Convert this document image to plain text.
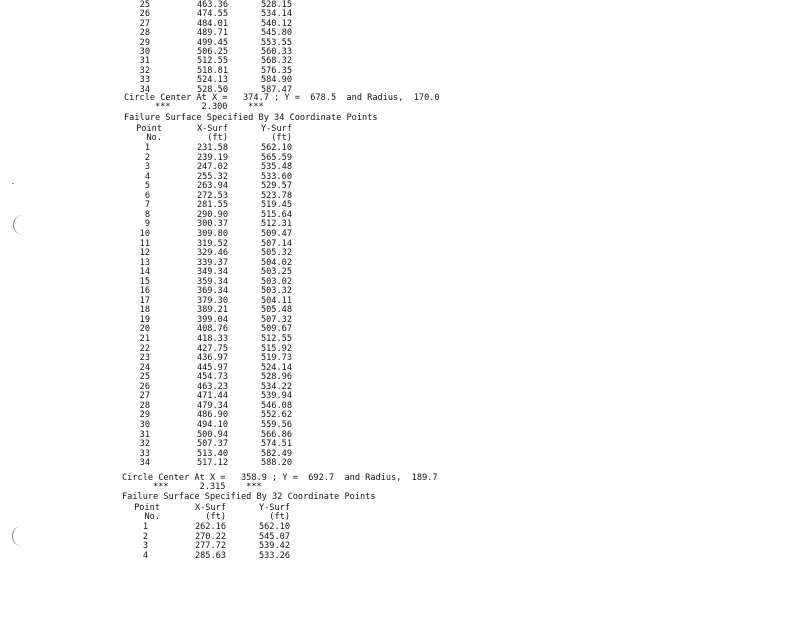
25	463.36	528.15
26	474.55	534.14
27	484.01	540.12
28	489.71	545.80
29	499.45	553.55
30	506.25	560.33
31	512.55	568.32
32	518.81	576.35
33	524.13	584.90
34	528.50	587.47
Circle Center At X =   374.7 ; Y =  678.5  and Radius,  170.0
***      2.300    ***
Failure Surface Specified By 34 Coordinate Points
Point	X-Surf	Y-Surf
No.	(ft)	(ft)
1	231.58	562.10
2	239.19	565.59
3	247.02	535.48
4	255.32	533.60
5	263.94	529.57
6	272.53	523.78
7	281.55	519.45
8	290.90	515.64
9	300.37	512.31
10	309.80	509.47
11	319.52	507.14
12	329.46	505.32
13	339.37	504.02
14	349.34	503.25
15	359.34	503.02
16	369.34	503.32
17	379.30	504.11
18	389.21	505.48
19	399.04	507.32
20	408.76	509.67
21	418.33	512.55
22	427.75	515.92
23	436.97	519.73
24	445.97	524.14
25	454.73	528.96
26	463.23	534.22
27	471.44	539.94
28	479.34	546.08
29	486.90	552.62
30	494.10	559.56
31	500.94	566.86
32	507.37	574.51
33	513.40	582.49
34	517.12	588.20
Circle Center At X =   358.9 ; Y =  692.7  and Radius,  189.7
***      2.315    ***
Failure Surface Specified By 32 Coordinate Points
Point	X-Surf	Y-Surf
No.	(ft)	(ft)
1	262.16	562.10
2	270.22	545.07
3	277.72	539.42
4	285.63	533.26
